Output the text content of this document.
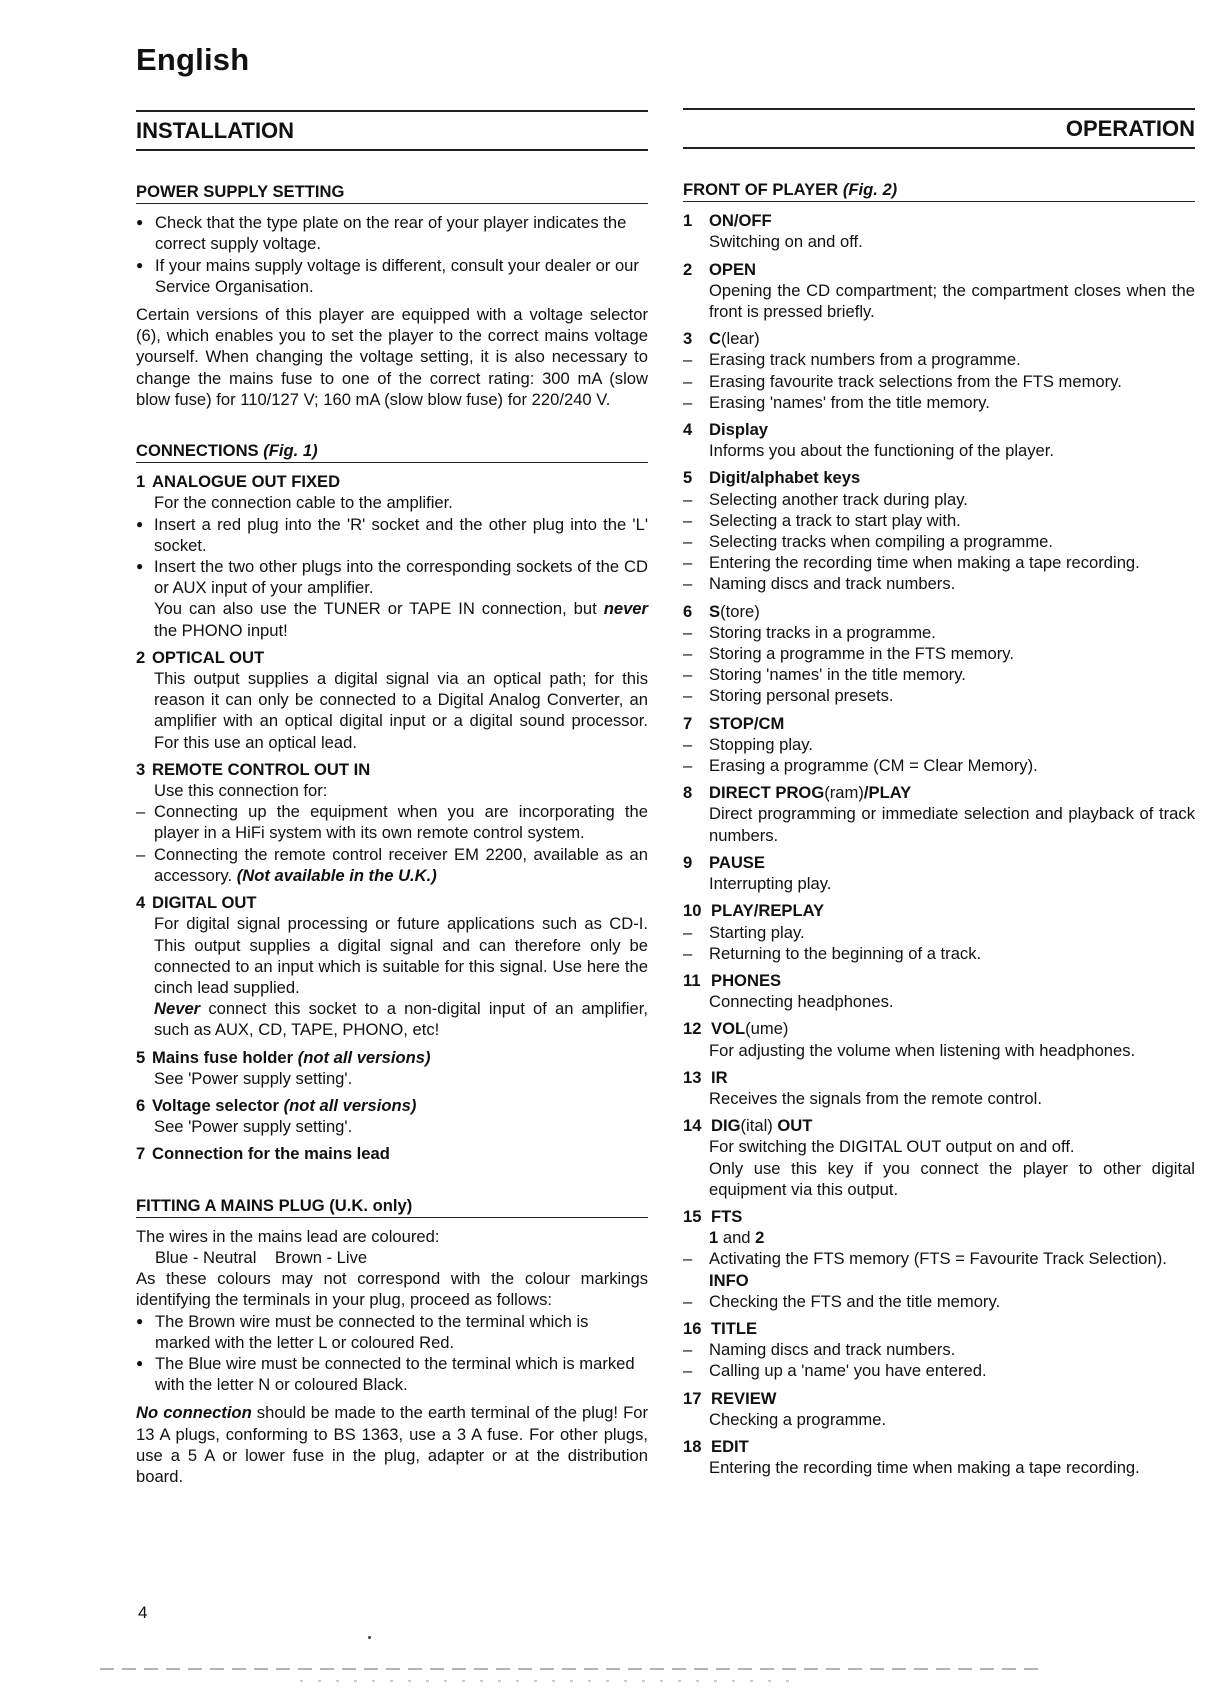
English
INSTALLATION
POWER SUPPLY SETTING
● Check that the type plate on the rear of your player indicates the correct supply voltage.
● If your mains supply voltage is different, consult your dealer or our Service Organisation.

Certain versions of this player are equipped with a voltage selector (6), which enables you to set the player to the correct mains voltage yourself. When changing the voltage setting, it is also necessary to change the mains fuse to one of the correct rating: 300 mA (slow blow fuse) for 110/127 V; 160 mA (slow blow fuse) for 220/240 V.

CONNECTIONS (Fig. 1)
1 ANALOGUE OUT FIXED
For the connection cable to the amplifier.
● Insert a red plug into the 'R' socket and the other plug into the 'L' socket.
● Insert the two other plugs into the corresponding sockets of the CD or AUX input of your amplifier.
You can also use the TUNER or TAPE IN connection, but never the PHONO input!
2 OPTICAL OUT
This output supplies a digital signal via an optical path; for this reason it can only be connected to a Digital Analog Converter, an amplifier with an optical digital input or a digital sound processor. For this use an optical lead.
3 REMOTE CONTROL OUT IN
Use this connection for:
– Connecting up the equipment when you are incorporating the player in a HiFi system with its own remote control system.
– Connecting the remote control receiver EM 2200, available as an accessory. (Not available in the U.K.)
4 DIGITAL OUT
For digital signal processing or future applications such as CD-I. This output supplies a digital signal and can therefore only be connected to an input which is suitable for this signal. Use here the cinch lead supplied.
Never connect this socket to a non-digital input of an amplifier, such as AUX, CD, TAPE, PHONO, etc!
5 Mains fuse holder
(not all versions)
See 'Power supply setting'.
6 Voltage selector
(not all versions)
See 'Power supply setting'.
7 Connection for the mains lead
FITTING A MAINS PLUG (U.K. only)
The wires in the mains lead are coloured:
Blue - Neutral    Brown - Live

As these colours may not correspond with the colour markings identifying the terminals in your plug, proceed as follows:

● The Brown wire must be connected to the terminal which is marked with the letter L or coloured Red.
● The Blue wire must be connected to the terminal which is marked with the letter N or coloured Black.

No connection should be made to the earth terminal of the plug! For 13 A plugs, conforming to BS 1363, use a 3 A fuse. For other plugs, use a 5 A or lower fuse in the plug, adapter or at the distribution board.

OPERATION
FRONT OF PLAYER (Fig. 2)
1	ON/OFF
Switching on and off.
2	OPEN
Opening the CD compartment; the compartment closes when the front is pressed briefly.
3	C (lear)
–	Erasing track numbers from a programme.
–	Erasing favourite track selections from the FTS memory.
–	Erasing 'names' from the title memory.
4	Display
Informs you about the functioning of the player.
5	Digit/alphabet keys
–	Selecting another track during play.
–	Selecting a track to start play with.
–	Selecting tracks when compiling a programme.
–	Entering the recording time when making a tape recording.
–	Naming discs and track numbers.
6	S (tore)
–	Storing tracks in a programme.
–	Storing a programme in the FTS memory.
–	Storing 'names' in the title memory.
–	Storing personal presets.
7	STOP/CM
–	Stopping play.
–	Erasing a programme (CM = Clear Memory).
8	DIRECT PROG (ram) /PLAY
Direct programming or immediate selection and playback of track numbers.
9	PAUSE
Interrupting play.
10 PLAY/REPLAY
–	Starting play.
–	Returning to the beginning of a track.
11 PHONES
Connecting headphones.
12 VOL (ume)
For adjusting the volume when listening with headphones.
13 IR
Receives the signals from the remote control.
14 DIG (ital) OUT
For switching the DIGITAL OUT output on and off.
Only use this key if you connect the player to other digital equipment via this output.
15 FTS
1 and 2
–	Activating the FTS memory (FTS = Favourite Track Selection).
INFO
–	Checking the FTS and the title memory.
16 TITLE
–	Naming discs and track numbers.
–	Calling up a 'name' you have entered.
17 REVIEW
Checking a programme.
18 EDIT
Entering the recording time when making a tape recording.
4
